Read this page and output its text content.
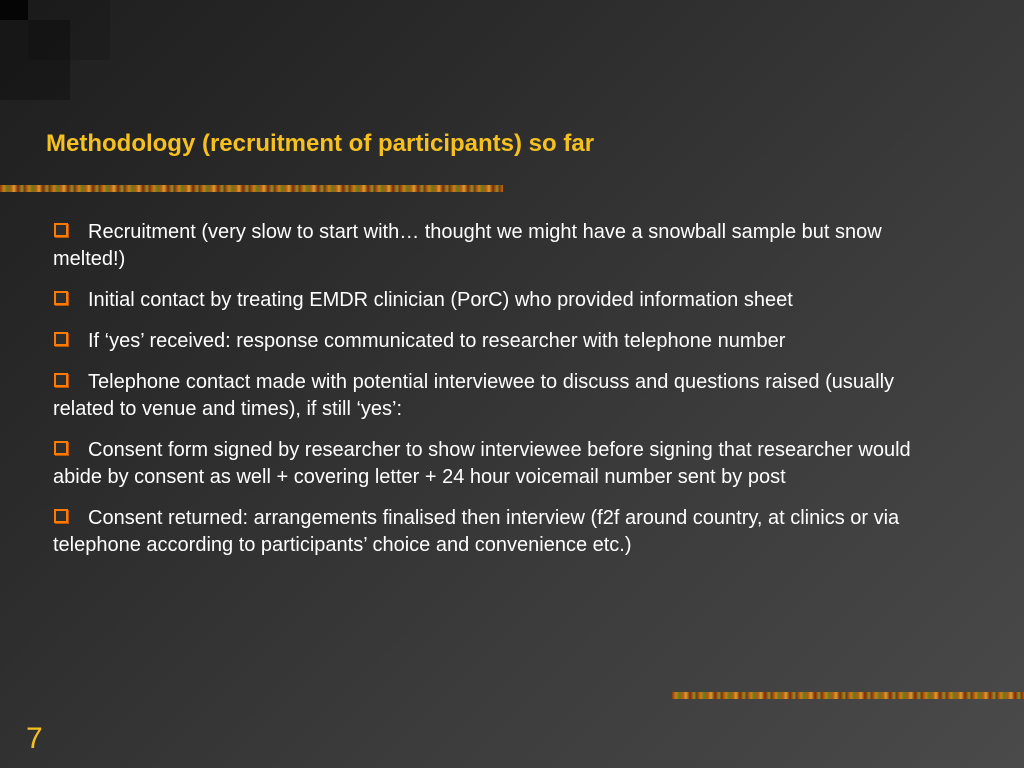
Methodology (recruitment of participants) so far
Recruitment (very slow to start with… thought we might have a snowball sample but snow melted!)
Initial contact by treating EMDR clinician (PorC) who provided information sheet
If ‘yes’ received: response communicated to researcher with telephone number
Telephone contact made with potential interviewee to discuss and questions raised (usually related to venue and times), if still ‘yes’:
Consent form signed by researcher to show interviewee before signing that researcher would abide by consent as well + covering letter + 24 hour voicemail number sent by post
Consent returned: arrangements finalised then interview (f2f around country, at clinics or via telephone according to participants’ choice and convenience etc.)
7
